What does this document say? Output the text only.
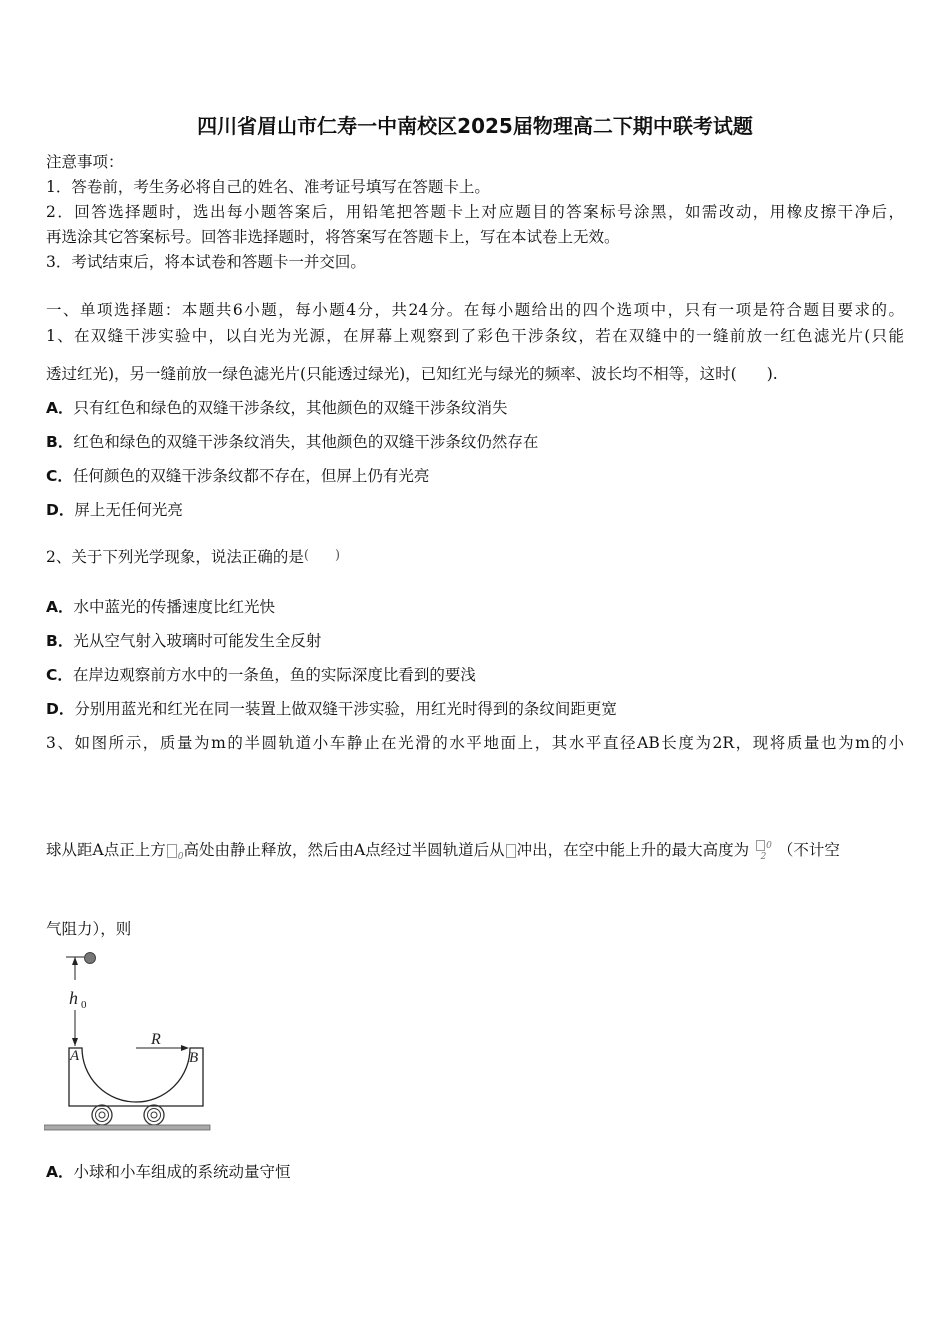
四川省眉山市仁寿一中南校区2025届物理高二下期中联考试题
注意事项：
1．答卷前，考生务必将自己的姓名、准考证号填写在答题卡上。
2．回答选择题时，选出每小题答案后，用铅笔把答题卡上对应题目的答案标号涂黑，如需改动，用橡皮擦干净后，
再选涂其它答案标号。回答非选择题时，将答案写在答题卡上，写在本试卷上无效。
3．考试结束后，将本试卷和答题卡一并交回。
一、单项选择题：本题共6小题，每小题4分，共24分。在每小题给出的四个选项中，只有一项是符合题目要求的。
1、在双缝干涉实验中，以白光为光源，在屏幕上观察到了彩色干涉条纹，若在双缝中的一缝前放一红色滤光片(只能
透过红光)，另一缝前放一绿色滤光片(只能透过绿光)，已知红光与绿光的频率、波长均不相等，这时( ).
A．只有红色和绿色的双缝干涉条纹，其他颜色的双缝干涉条纹消失
B．红色和绿色的双缝干涉条纹消失，其他颜色的双缝干涉条纹仍然存在
C．任何颜色的双缝干涉条纹都不存在，但屏上仍有光亮
D．屏上无任何光亮
2、关于下列光学现象，说法正确的是(　　)
A．水中蓝光的传播速度比红光快
B．光从空气射入玻璃时可能发生全反射
C．在岸边观察前方水中的一条鱼，鱼的实际深度比看到的要浅
D．分别用蓝光和红光在同一装置上做双缝干涉实验，用红光时得到的条纹间距更宽
3、如图所示，质量为m的半圆轨道小车静止在光滑的水平地面上，其水平直径AB长度为2R，现将质量也为m的小
球从距A点正上方 $_0$高处由静止释放，然后由A点经过半圆轨道后从 冲出，在空中能上升的最大高度为 0
2 （不计空
气阻力），则
h 0
A	B
R
A．小球和小车组成的系统动量守恒
